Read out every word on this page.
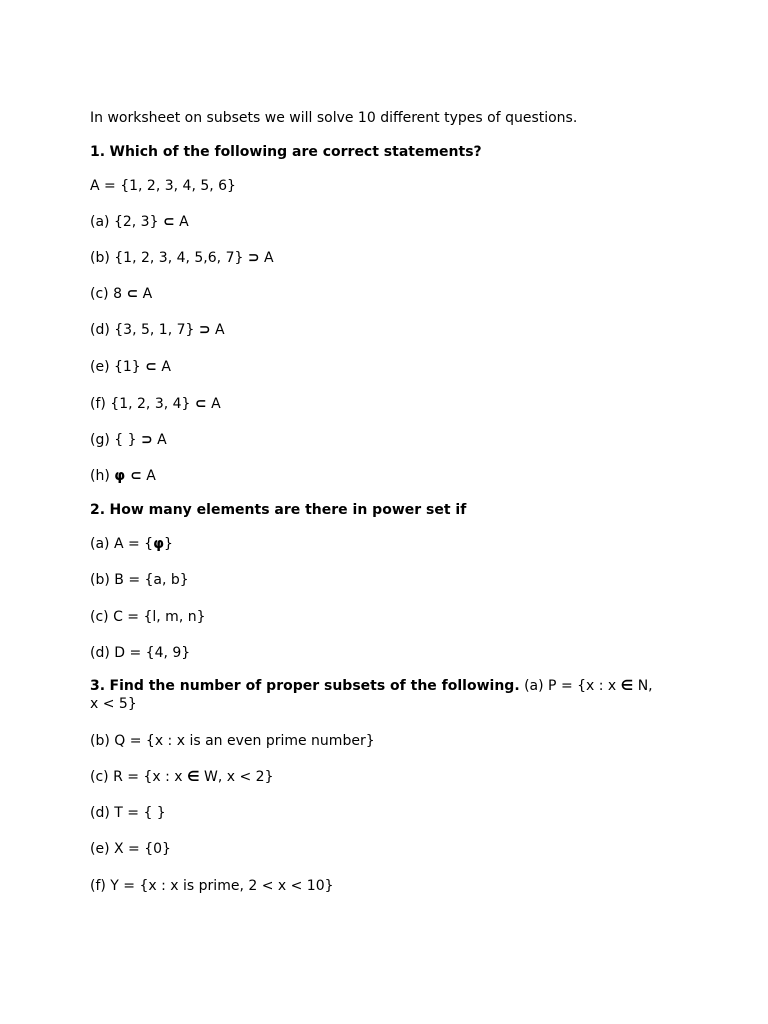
In worksheet on subsets we will solve 10 different types of questions.
1. Which of the following are correct statements?
A = {1, 2, 3, 4, 5, 6}
(a) {2, 3} ⊂ A
(b) {1, 2, 3, 4, 5,6, 7} ⊃ A
(c) 8 ⊂ A
(d) {3, 5, 1, 7} ⊃ A
(e) {1} ⊂ A
(f) {1, 2, 3, 4} ⊂ A
(g) { } ⊃ A
(h) φ ⊂ A
2. How many elements are there in power set if
(a) A = {φ}
(b) B = {a, b}
(c) C = {l, m, n}
(d) D = {4, 9}
3. Find the number of proper subsets of the following. (a) P = {x : x ∈ N,
x < 5}
(b) Q = {x : x is an even prime number}
(c) R = {x : x ∈ W, x < 2}
(d) T = { }
(e) X = {0}
(f) Y = {x : x is prime, 2 < x < 10}
